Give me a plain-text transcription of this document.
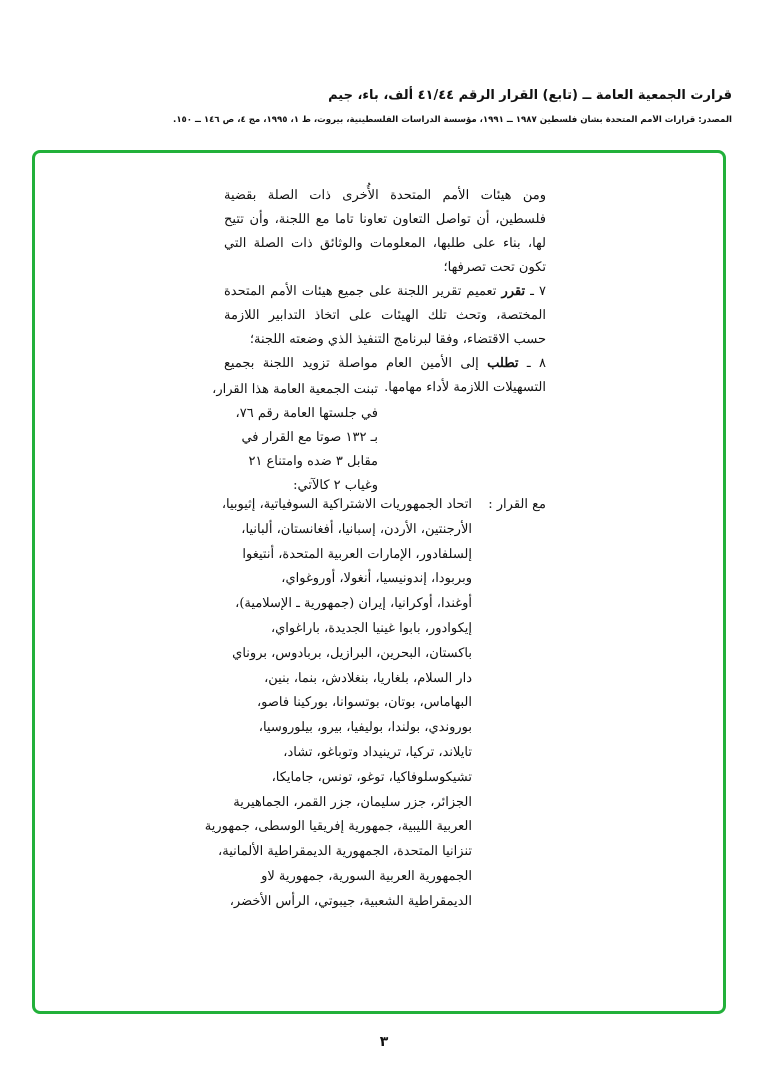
قرارت الجمعية العامة ــ (تابع) القرار الرقم ٤١/٤٤ ألف، باء، جيم
المصدر: قرارات الأمم المتحدة بشأن فلسطين ١٩٨٧ ــ ١٩٩١، مؤسسة الدراسات الفلسطينية، بيروت، ط ١، ١٩٩٥، مج ٤، ص ١٤٦ ــ ١٥٠.

ومن هيئات الأمم المتحدة الأُخرى ذات الصلة بقضية فلسطين، أن تواصل التعاون تعاونا تاما مع اللجنة، وأن تتيح لها، بناء على طلبها، المعلومات والوثائق ذات الصلة التي تكون تحت تصرفها؛

٧ ـ تقرر تعميم تقرير اللجنة على جميع هيئات الأمم المتحدة المختصة، وتحث تلك الهيئات على اتخاذ التدابير اللازمة حسب الاقتضاء، وفقا لبرنامج التنفيذ الذي وضعته اللجنة؛

٨ ـ تطلب إلى الأمين العام مواصلة تزويد اللجنة بجميع التسهيلات اللازمة لأداء مهامها.

تبنت الجمعية العامة هذا القرار،
في جلستها العامة رقم ٧٦،
بـ ١٣٢ صوتا مع القرار في
مقابل ٣ ضده وامتناع ٢١
وغياب ٢ كالآتي:
مع القرار :
اتحاد الجمهوريات الاشتراكية السوفياتية، إثيوبيا،
الأرجنتين، الأردن، إسبانيا، أفغانستان، ألبانيا،
إلسلفادور، الإمارات العربية المتحدة، أنتيغوا
وبربودا، إندونيسيا، أنغولا، أوروغواي،
أوغندا، أوكرانيا، إيران (جمهورية ـ الإسلامية)،
إيكوادور، بابوا غينيا الجديدة، باراغواي،
باكستان، البحرين، البرازيل، بربادوس، بروناي
دار السلام، بلغاريا، بنغلادش، بنما، بنين،
البهاماس، بوتان، بوتسوانا، بوركينا فاصو،
بوروندي، بولندا، بوليفيا، بيرو، بيلوروسيا،
تايلاند، تركيا، ترينيداد وتوباغو، تشاد،
تشيكوسلوفاكيا، توغو، تونس، جامايكا،
الجزائر، جزر سليمان، جزر القمر، الجماهيرية
العربية الليبية، جمهورية إفريقيا الوسطى، جمهورية
تنزانيا المتحدة، الجمهورية الديمقراطية الألمانية،
الجمهورية العربية السورية، جمهورية لاو
الديمقراطية الشعبية، جيبوتي، الرأس الأخضر،
٣
